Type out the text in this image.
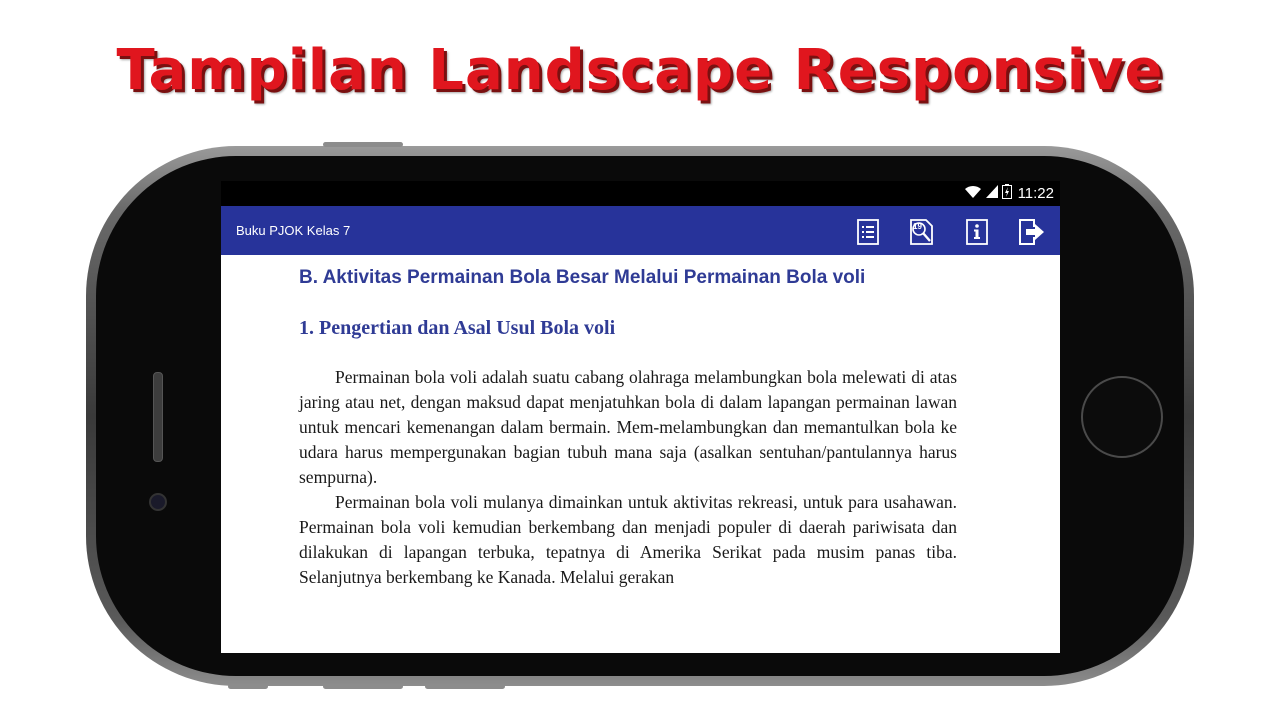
Tampilan Landscape Responsive
11:22
Buku PJOK Kelas 7	19
B. Aktivitas Permainan Bola Besar Melalui Permainan Bola voli
1. Pengertian dan Asal Usul Bola voli

Permainan bola voli adalah suatu cabang olahraga melambungkan bola melewati di atas jaring atau net, dengan maksud dapat menjatuhkan bola di dalam lapangan permainan lawan untuk mencari kemenangan dalam bermain. Mem-melambungkan dan memantulkan bola ke udara harus mempergunakan bagian tubuh mana saja (asalkan sentuhan/pantulannya harus sempurna).

Permainan bola voli mulanya dimainkan untuk aktivitas rekreasi, untuk para usahawan. Permainan bola voli kemudian berkembang dan menjadi populer di daerah pariwisata dan dilakukan di lapangan terbuka, tepatnya di Amerika Serikat pada musim panas tiba. Selanjutnya berkembang ke Kanada. Melalui gerakan
